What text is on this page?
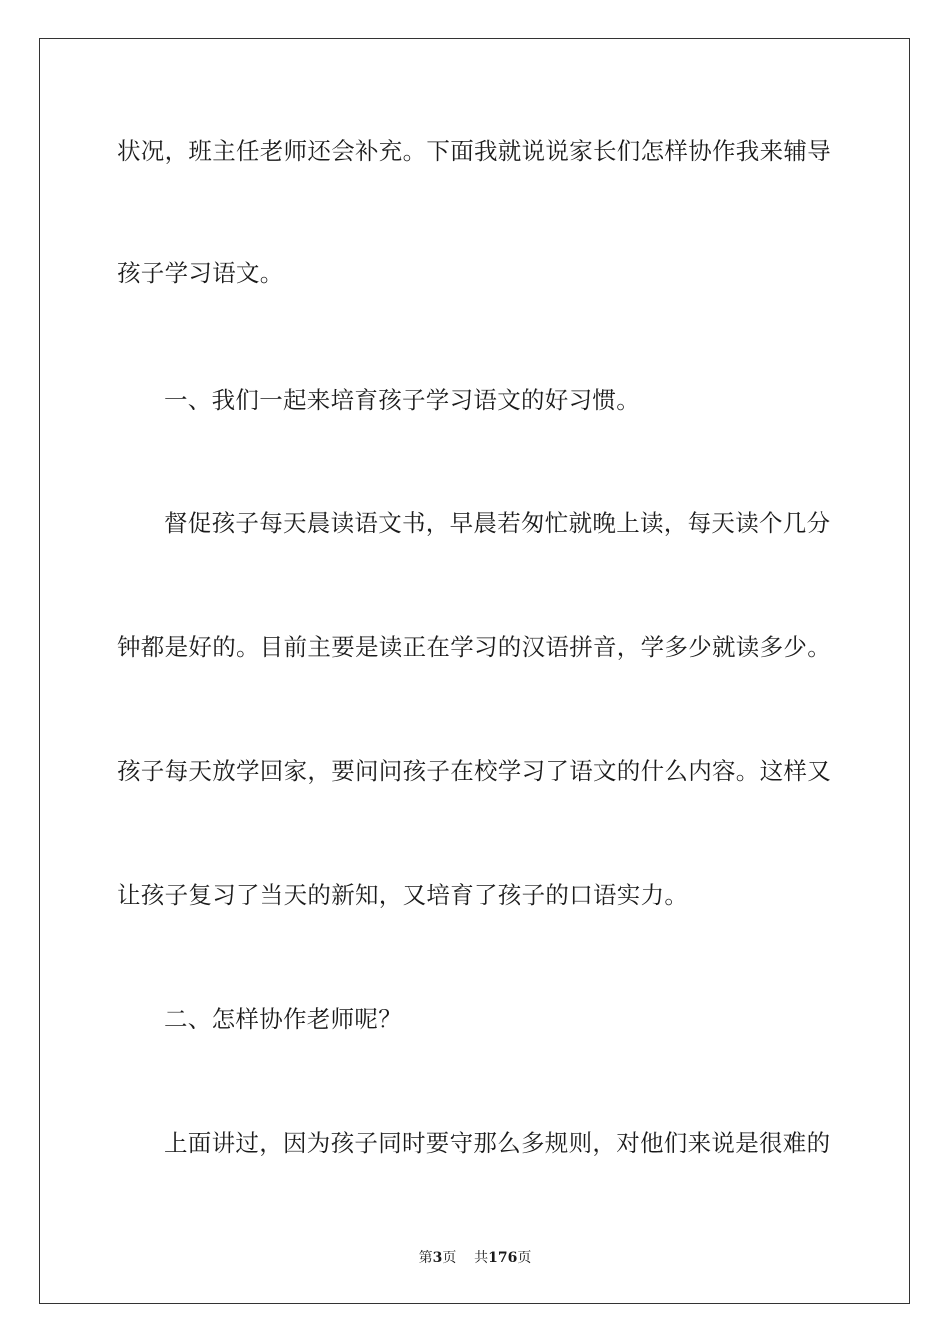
状况，班主任老师还会补充。下面我就说说家长们怎样协作我来辅导
孩子学习语文。
一、我们一起来培育孩子学习语文的好习惯。
督促孩子每天晨读语文书，早晨若匆忙就晚上读，每天读个几分
钟都是好的。目前主要是读正在学习的汉语拼音，学多少就读多少。
孩子每天放学回家，要问问孩子在校学习了语文的什么内容。这样又
让孩子复习了当天的新知，又培育了孩子的口语实力。
二、怎样协作老师呢？
上面讲过，因为孩子同时要守那么多规则，对他们来说是很难的
第3页 共176页
